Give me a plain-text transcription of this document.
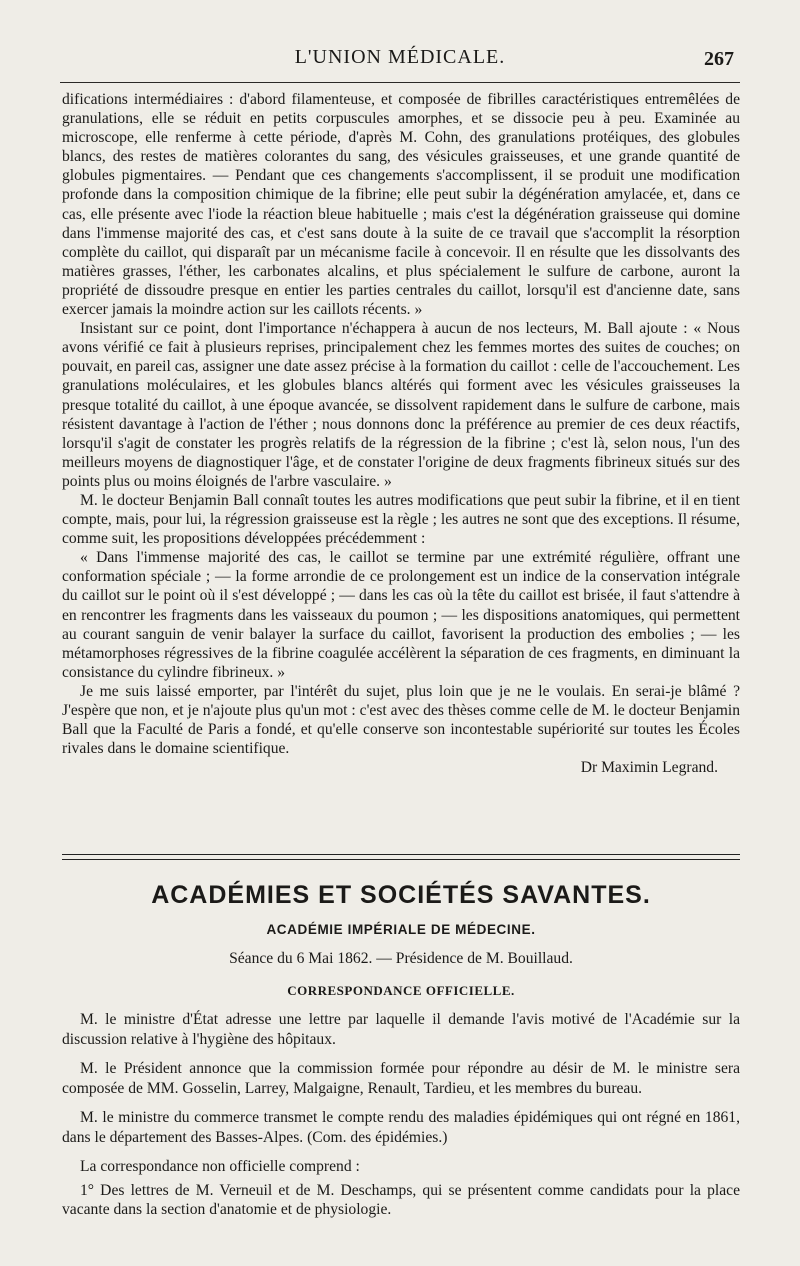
L'UNION MÉDICALE.	267

difications intermédiaires : d'abord filamenteuse, et composée de fibrilles caractéristiques entremêlées de granulations, elle se réduit en petits corpuscules amorphes, et se dissocie peu à peu. Examinée au microscope, elle renferme à cette période, d'après M. Cohn, des granulations protéiques, des globules blancs, des restes de matières colorantes du sang, des vésicules graisseuses, et une grande quantité de globules pigmentaires. — Pendant que ces changements s'accomplissent, il se produit une modification profonde dans la composition chimique de la fibrine; elle peut subir la dégénération amylacée, et, dans ce cas, elle présente avec l'iode la réaction bleue habituelle ; mais c'est la dégénération graisseuse qui domine dans l'immense majorité des cas, et c'est sans doute à la suite de ce travail que s'accomplit la résorption complète du caillot, qui disparaît par un mécanisme facile à concevoir. Il en résulte que les dissolvants des matières grasses, l'éther, les carbonates alcalins, et plus spécialement le sulfure de carbone, auront la propriété de dissoudre presque en entier les parties centrales du caillot, lorsqu'il est d'ancienne date, sans exercer jamais la moindre action sur les caillots récents. »

Insistant sur ce point, dont l'importance n'échappera à aucun de nos lecteurs, M. Ball ajoute : « Nous avons vérifié ce fait à plusieurs reprises, principalement chez les femmes mortes des suites de couches; on pouvait, en pareil cas, assigner une date assez précise à la formation du caillot : celle de l'accouchement. Les granulations moléculaires, et les globules blancs altérés qui forment avec les vésicules graisseuses la presque totalité du caillot, à une époque avancée, se dissolvent rapidement dans le sulfure de carbone, mais résistent davantage à l'action de l'éther ; nous donnons donc la préférence au premier de ces deux réactifs, lorsqu'il s'agit de constater les progrès relatifs de la régression de la fibrine ; c'est là, selon nous, l'un des meilleurs moyens de diagnostiquer l'âge, et de constater l'origine de deux fragments fibrineux situés sur des points plus ou moins éloignés de l'arbre vasculaire. »

M. le docteur Benjamin Ball connaît toutes les autres modifications que peut subir la fibrine, et il en tient compte, mais, pour lui, la régression graisseuse est la règle ; les autres ne sont que des exceptions. Il résume, comme suit, les propositions développées précédemment :

« Dans l'immense majorité des cas, le caillot se termine par une extrémité régulière, offrant une conformation spéciale ; — la forme arrondie de ce prolongement est un indice de la conservation intégrale du caillot sur le point où il s'est développé ; — dans les cas où la tête du caillot est brisée, il faut s'attendre à en rencontrer les fragments dans les vaisseaux du poumon ; — les dispositions anatomiques, qui permettent au courant sanguin de venir balayer la surface du caillot, favorisent la production des embolies ; — les métamorphoses régressives de la fibrine coagulée accélèrent la séparation de ces fragments, en diminuant la consistance du cylindre fibrineux. »

Je me suis laissé emporter, par l'intérêt du sujet, plus loin que je ne le voulais. En serai-je blâmé ? J'espère que non, et je n'ajoute plus qu'un mot : c'est avec des thèses comme celle de M. le docteur Benjamin Ball que la Faculté de Paris a fondé, et qu'elle conserve son incontestable supériorité sur toutes les Écoles rivales dans le domaine scientifique.

Dr Maximin Legrand.

ACADÉMIES ET SOCIÉTÉS SAVANTES.
ACADÉMIE IMPÉRIALE DE MÉDECINE.
Séance du 6 Mai 1862. — Présidence de M. Bouillaud.
CORRESPONDANCE OFFICIELLE.

M. le ministre d'État adresse une lettre par laquelle il demande l'avis motivé de l'Académie sur la discussion relative à l'hygiène des hôpitaux.

M. le Président annonce que la commission formée pour répondre au désir de M. le ministre sera composée de MM. Gosselin, Larrey, Malgaigne, Renault, Tardieu, et les membres du bureau.

M. le ministre du commerce transmet le compte rendu des maladies épidémiques qui ont régné en 1861, dans le département des Basses-Alpes. (Com. des épidémies.)

La correspondance non officielle comprend :

1° Des lettres de M. Verneuil et de M. Deschamps, qui se présentent comme candidats pour la place vacante dans la section d'anatomie et de physiologie.
